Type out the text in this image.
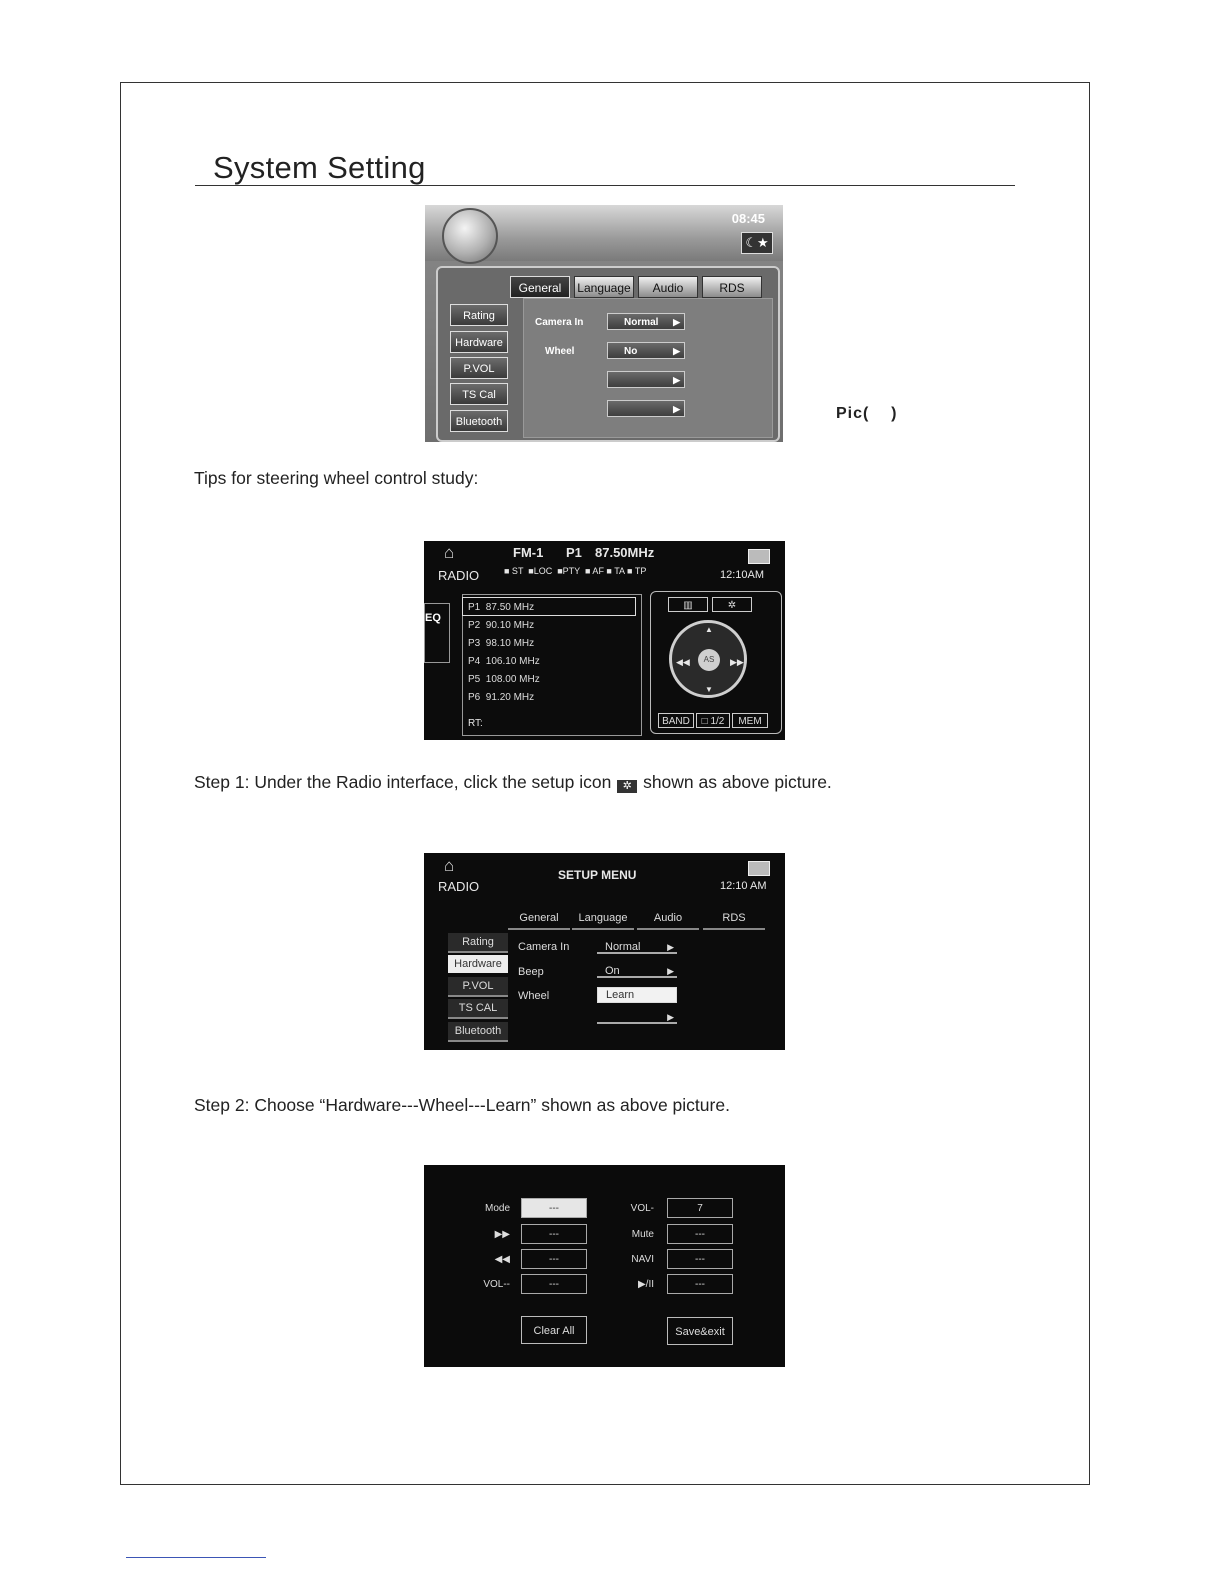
System Setting
08:45
☾★
General	Language	Audio	RDS
Rating
Hardware
P.VOL
TS Cal
Bluetooth
Camera In	Normal ▶
Wheel	No	▶
▶
▶	Pic(    )
Tips for steering wheel control study:
⌂
RADIO
FM-1 P1 87.50MHz
■ ST  ■LOC  ■PTY  ■ AF ■ TA ■ TP	12:10AM
EQ
P1 87.50 MHz
P2 90.10 MHz
P3 98.10 MHz
P4 106.10 MHz
P5 108.00 MHz
P6 91.20 MHz
RT:
▥	✲
AS
▲
▼
◀◀	▶▶
BAND	□ 1/2	MEM
Step 1: Under the Radio interface, click the setup icon ✲ shown as above picture.
⌂
RADIO
SETUP MENU
12:10 AM
General	Language	Audio	RDS
Rating
Hardware
P.VOL
TS CAL
Bluetooth
Camera In	Normal	▶
Beep	On	▶
Wheel	Learn
▶
Step 2: Choose “Hardware---Wheel---Learn” shown as above picture.
Mode	---
▶▶	---
◀◀	---
VOL--	---
VOL-	7
Mute	---
NAVI	---
▶/II	---
Clear All	Save&exit
